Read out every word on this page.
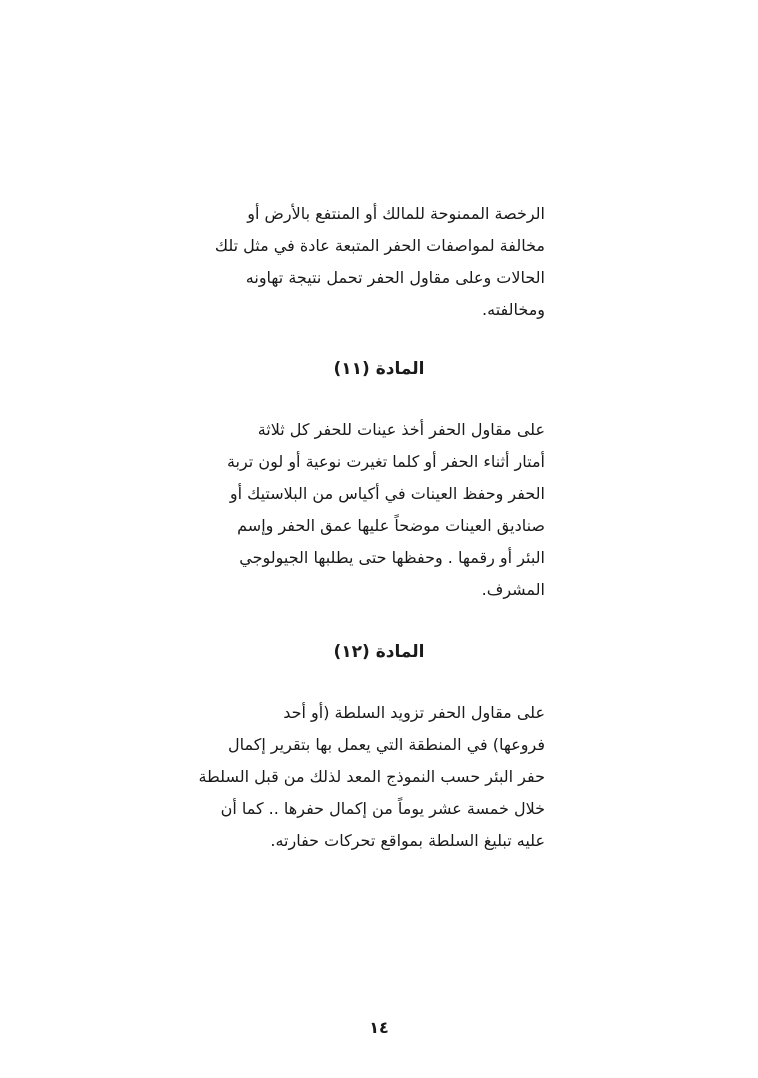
الرخصة الممنوحة للمالك أو المنتفع بالأرض أو
مخالفة لمواصفات الحفر المتبعة عادة في مثل تلك
الحالات وعلى مقاول الحفر تحمل نتيجة تهاونه
ومخالفته.
المادة (١١)
على مقاول الحفر أخذ عينات للحفر كل ثلاثة
أمتار أثناء الحفر أو كلما تغيرت نوعية أو لون تربة
الحفر وحفظ العينات في أكياس من البلاستيك أو
صناديق العينات موضحاً عليها عمق الحفر وإسم
البئر أو رقمها . وحفظها حتى يطلبها الجيولوجي
المشرف.
المادة (١٢)
على مقاول الحفر تزويد السلطة (أو أحد
فروعها) في المنطقة التي يعمل بها بتقرير إكمال
حفر البئر حسب النموذج المعد لذلك من قبل السلطة
خلال خمسة عشر يوماً من إكمال حفرها .. كما أن
عليه تبليغ السلطة بمواقع تحركات حفارته.
١٤
